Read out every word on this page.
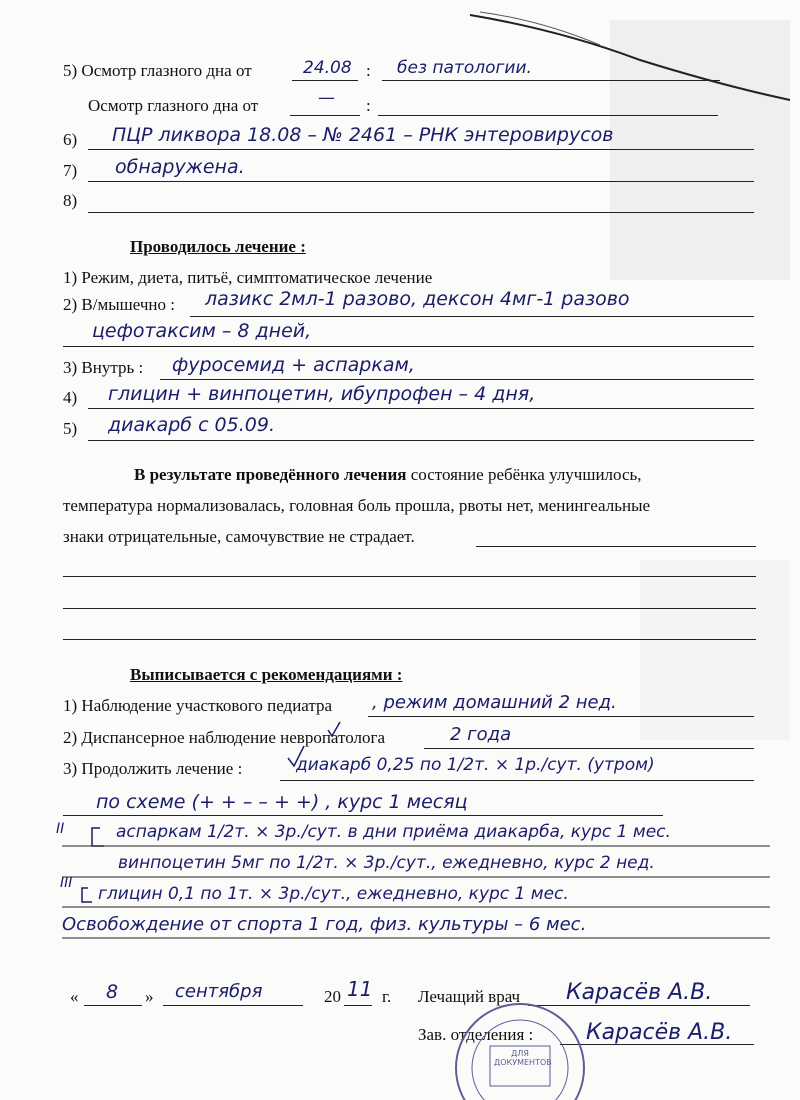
5) Осмотр глазного дна от	24.08 : без патологии.
Осмотр глазного дна от	— :
6) ПЦР ликвора 18.08 – № 2461 – РНК энтеровирусов
7) обнаружена.
8)
Проводилось лечение :
1) Режим, диета, питьё, симптоматическое лечение
2) В/мышечно : лазикс 2мл-1 разово, дексон 4мг-1 разово
цефотаксим – 8 дней,
3) Внутрь : фуросемид + аспаркам,
4) глицин + винпоцетин, ибупрофен – 4 дня,
5) диакарб с 05.09.
В результате проведённого лечения состояние ребёнка улучшилось,
температура нормализовалась, головная боль прошла, рвоты нет, менингеальные
знаки отрицательные, самочувствие не страдает.
Выписывается с рекомендациями :
1) Наблюдение участкового педиатра , режим домашний 2 нед.
2) Диспансерное наблюдение невропатолога	2 года
3) Продолжить лечение :	диакарб 0,25 по 1/2т. × 1р./сут. (утром)
по схеме (+ + – – + +) , курс 1 месяц
II	аспаркам 1/2т. × 3р./сут. в дни приёма диакарба, курс 1 мес.
винпоцетин 5мг по 1/2т. × 3р./сут., ежедневно, курс 2 нед.
III
глицин 0,1 по 1т. × 3р./сут., ежедневно, курс 1 мес.
Освобождение от спорта 1 год, физ. культуры – 6 мес.
« 8 » сентября	20 11 г. Лечащий врач Карасёв А.В.
Зав. отделения : Карасёв А.В.
ДЛЯ ДОКУМЕНТОВ
